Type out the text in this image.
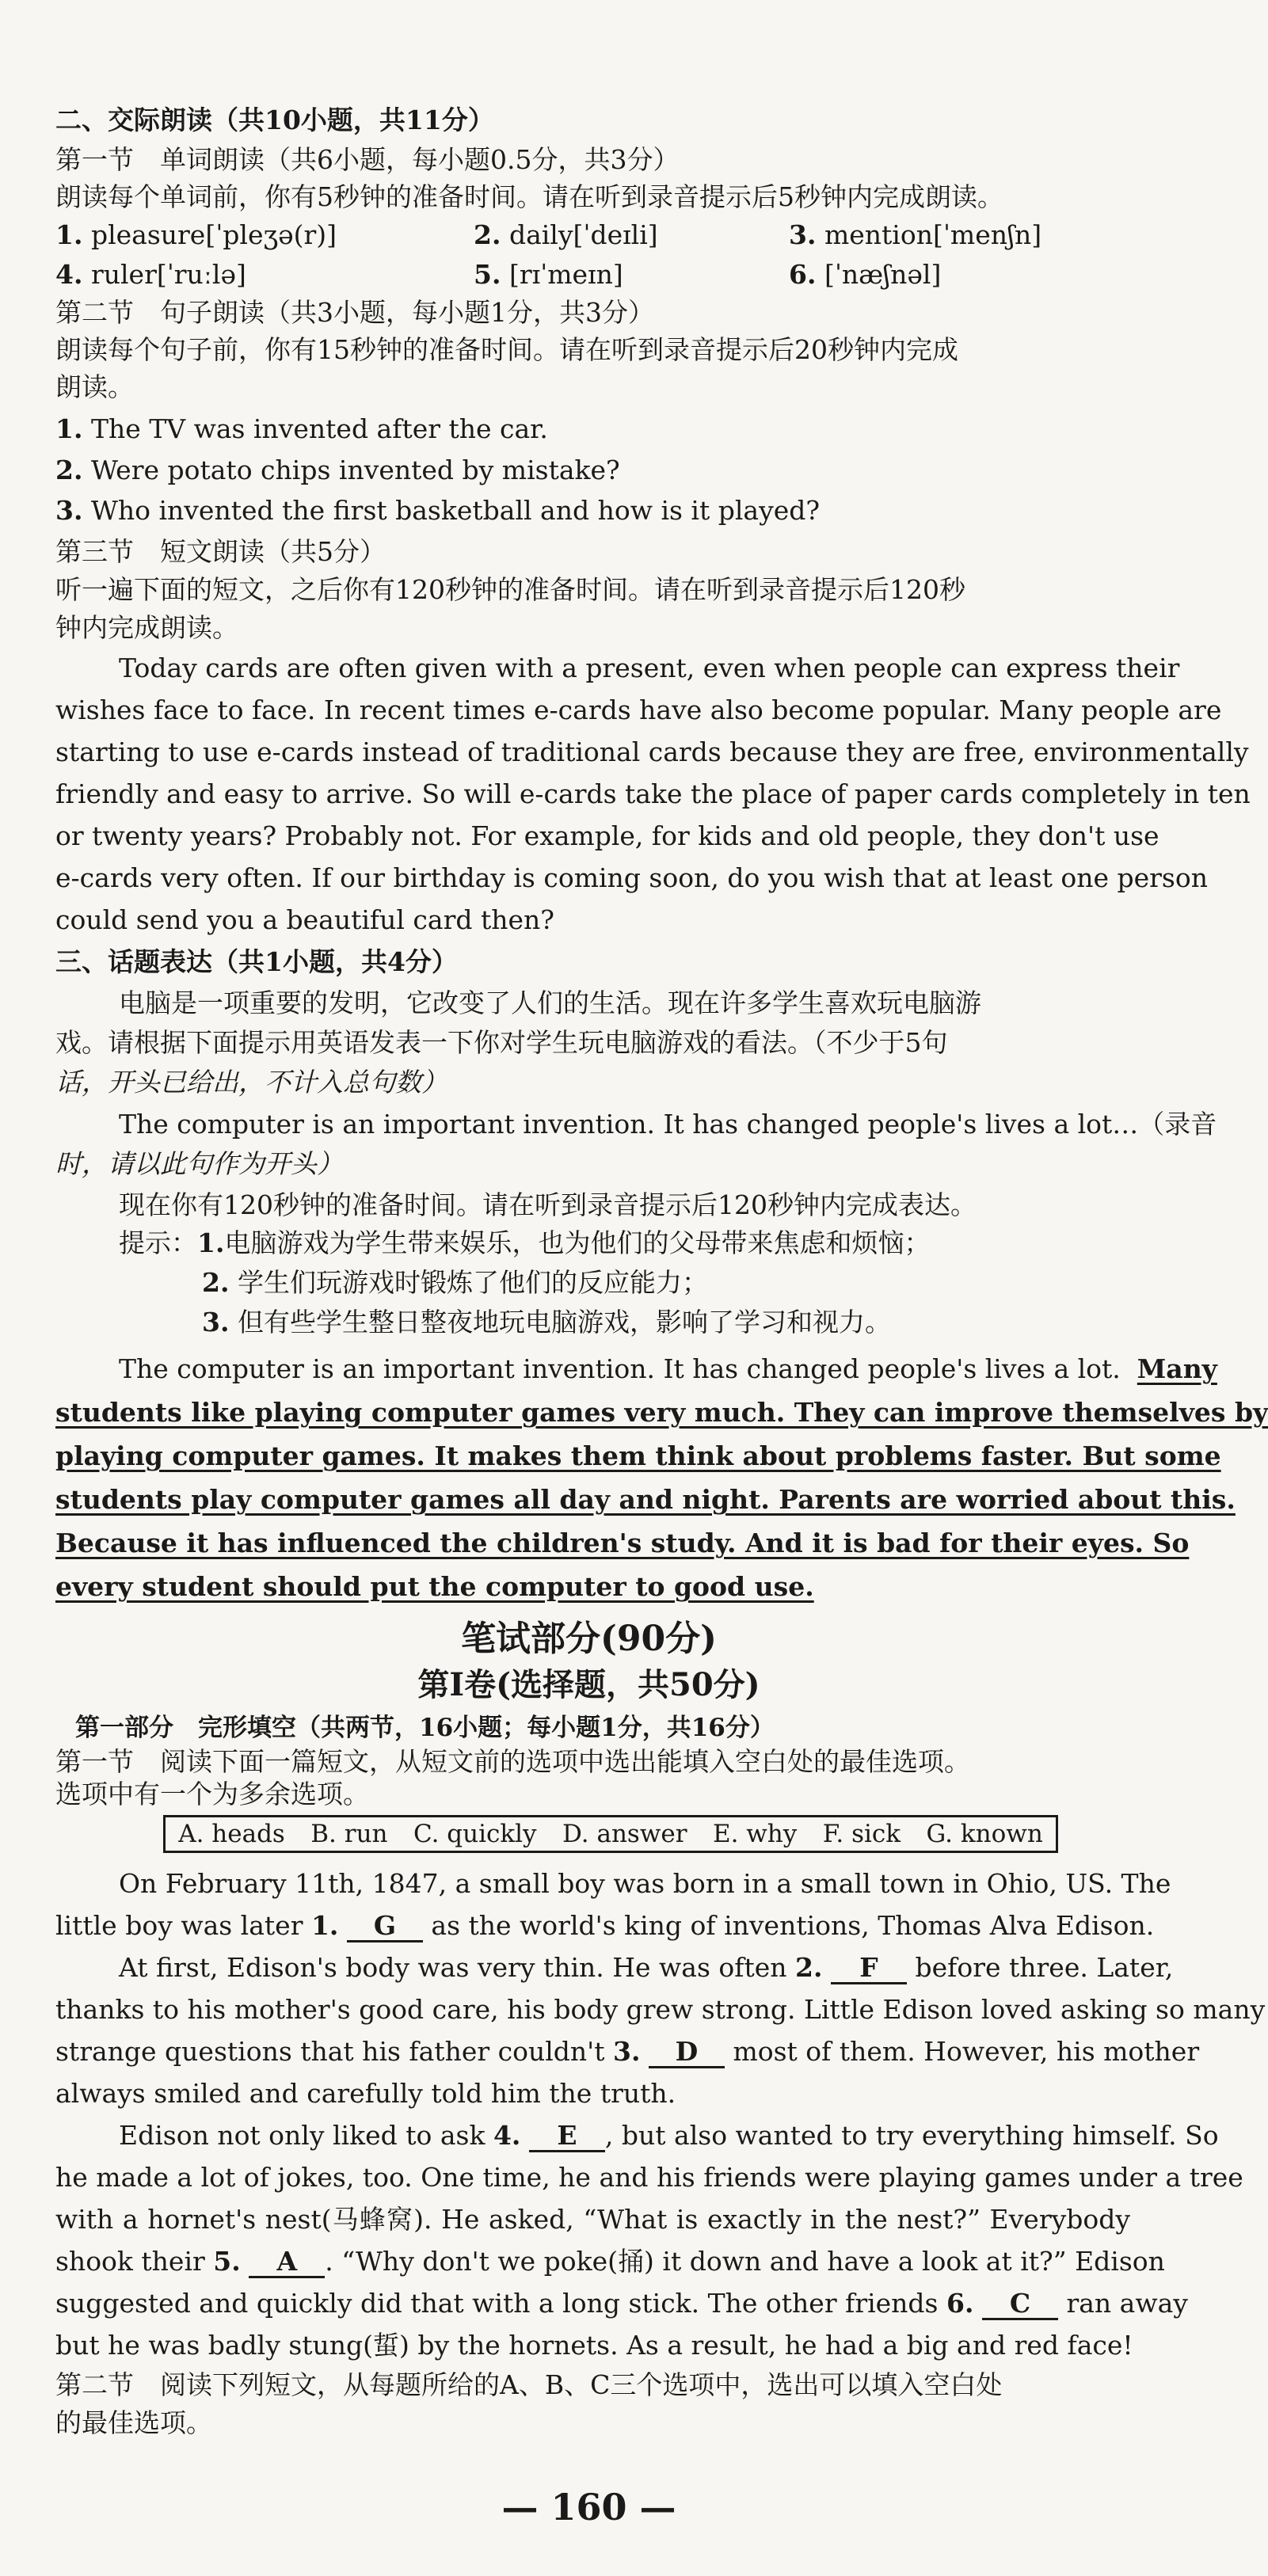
二、交际朗读（共10小题，共11分）
第一节　单词朗读（共6小题，每小题0.5分，共3分）
朗读每个单词前，你有5秒钟的准备时间。请在听到录音提示后5秒钟内完成朗读。
1. pleasure[ˈpleʒə(r)]	2. daily[ˈdeɪli]	3. mention[ˈmenʃn]
4. ruler[ˈruːlə]	5. [rɪˈmeɪn]	6. [ˈnæʃnəl]
第二节　句子朗读（共3小题，每小题1分，共3分）
朗读每个句子前，你有15秒钟的准备时间。请在听到录音提示后20秒钟内完成
朗读。
1. The TV was invented after the car.
2. Were potato chips invented by mistake?
3. Who invented the first basketball and how is it played?
第三节　短文朗读（共5分）
听一遍下面的短文，之后你有120秒钟的准备时间。请在听到录音提示后120秒
钟内完成朗读。
Today cards are often given with a present, even when people can express their
wishes face to face. In recent times e-cards have also become popular. Many people are
starting to use e-cards instead of traditional cards because they are free, environmentally
friendly and easy to arrive. So will e-cards take the place of paper cards completely in ten
or twenty years? Probably not. For example, for kids and old people, they don't use
e-cards very often. If our birthday is coming soon, do you wish that at least one person
could send you a beautiful card then?
三、话题表达（共1小题，共4分）
电脑是一项重要的发明，它改变了人们的生活。现在许多学生喜欢玩电脑游
戏。请根据下面提示用英语发表一下你对学生玩电脑游戏的看法。（不少于5句
话，开头已给出，不计入总句数）
The computer is an important invention. It has changed people's lives a lot…（录音
时，请以此句作为开头）
现在你有120秒钟的准备时间。请在听到录音提示后120秒钟内完成表达。
提示：1.电脑游戏为学生带来娱乐，也为他们的父母带来焦虑和烦恼；
2. 学生们玩游戏时锻炼了他们的反应能力；
3. 但有些学生整日整夜地玩电脑游戏，影响了学习和视力。
The computer is an important invention. It has changed people's lives a lot. Many
students like playing computer games very much. They can improve themselves by
playing computer games. It makes them think about problems faster. But some
students play computer games all day and night. Parents are worried about this.
Because it has influenced the children's study. And it is bad for their eyes. So
every student should put the computer to good use.
笔试部分(90分)
第Ⅰ卷(选择题，共50分)
第一部分　完形填空（共两节，16小题；每小题1分，共16分）
第一节　阅读下面一篇短文，从短文前的选项中选出能填入空白处的最佳选项。
选项中有一个为多余选项。
A. heads B. run C. quickly D. answer E. why F. sick G. known
On February 11th, 1847, a small boy was born in a small town in Ohio, US. The
little boy was later 1. G as the world's king of inventions, Thomas Alva Edison.
At first, Edison's body was very thin. He was often 2. F before three. Later,
thanks to his mother's good care, his body grew strong. Little Edison loved asking so many
strange questions that his father couldn't 3. D most of them. However, his mother
always smiled and carefully told him the truth.
Edison not only liked to ask 4. E , but also wanted to try everything himself. So
he made a lot of jokes, too. One time, he and his friends were playing games under a tree
with a hornet's nest(马蜂窝). He asked, “What is exactly in the nest?” Everybody
shook their 5. A . “Why don't we poke(捅) it down and have a look at it?” Edison
suggested and quickly did that with a long stick. The other friends 6. C ran away
but he was badly stung(蜇) by the hornets. As a result, he had a big and red face!
第二节　阅读下列短文，从每题所给的A、B、C三个选项中，选出可以填入空白处
的最佳选项。
— 160 —
